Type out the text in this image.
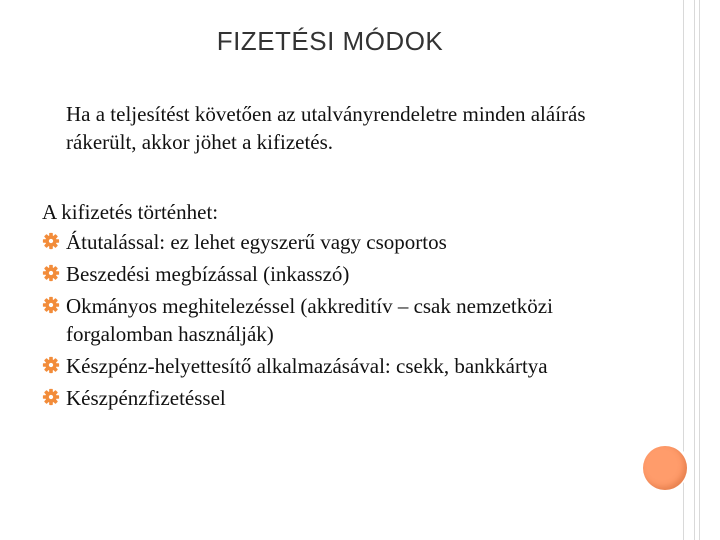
FIZETÉSI MÓDOK
Ha a teljesítést követően az utalványrendeletre minden aláírás rákerült, akkor jöhet a kifizetés.

A kifizetés történhet:

Átutalással: ez lehet egyszerű vagy csoportos
Beszedési megbízással (inkasszó)
Okmányos meghitelezéssel (akkreditív – csak nemzetközi forgalomban használják)
Készpénz-helyettesítő alkalmazásával: csekk, bankkártya
Készpénzfizetéssel
